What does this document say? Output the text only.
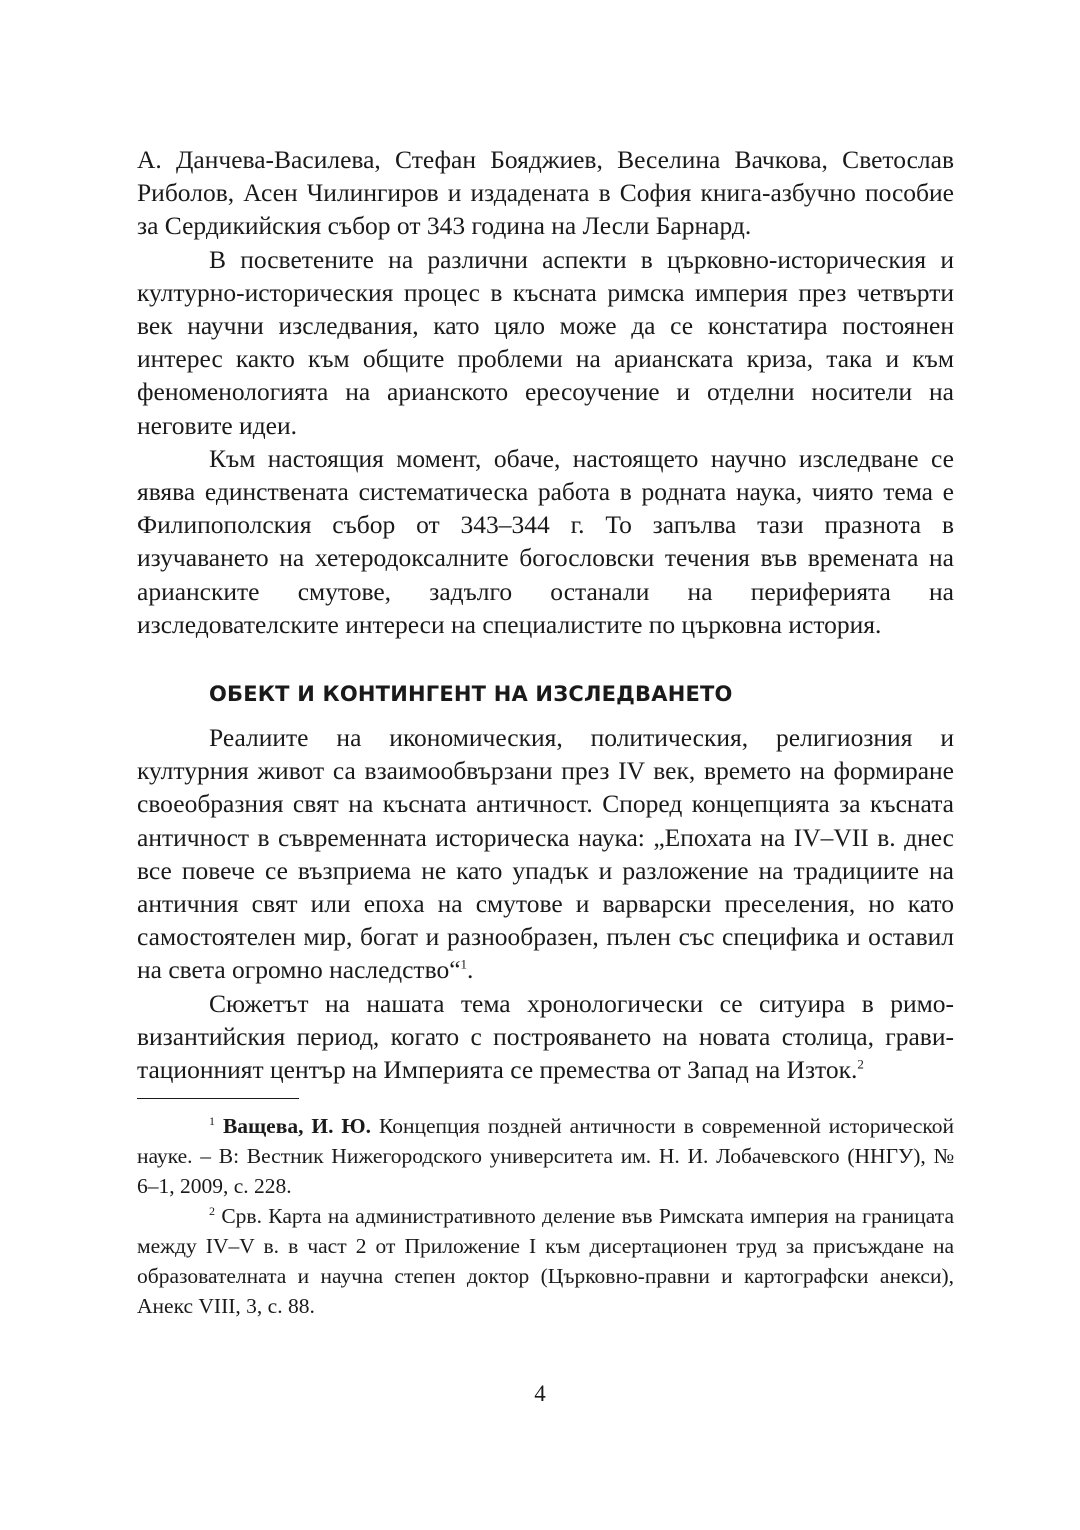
А. Данчева-Василева, Стефан Бояджиев, Веселина Вачкова, Светослав Риболов, Асен Чилингиров и издадената в София книга-азбучно пособие за Сердикийския събор от 343 година на Лесли Барнард.

В посветените на различни аспекти в църковно-историческия и културно-историческия процес в късната римска империя през четвърти век научни изследвания, като цяло може да се констатира постоянен интерес както към общите проблеми на арианската криза, така и към феноменологията на арианското ересоучение и отделни носители на неговите идеи.

Към настоящия момент, обаче, настоящето научно изследване се явява единствената систематическа работа в родната наука, чиято тема е Филипополския събор от 343–344 г. То запълва тази празнота в изучаването на хетеродоксалните богословски течения във времената на арианските смутове, задълго останали на периферията на изследователските интереси на специалистите по църковна история.

ОБЕКТ И КОНТИНГЕНТ НА ИЗСЛЕДВАНЕТО

Реалиите на икономическия, политическия, религиозния и културния живот са взаимообвързани през IV век, времето на формиране своеобразния свят на късната античност. Според концепцията за късната античност в съвременната историческа наука: „Епохата на IV–VII в. днес все повече се възприема не като упадък и разложение на традициите на античния свят или епоха на смутове и варварски преселения, но като самостоятелен мир, богат и разнообразен, пълен със специфика и оставил на света огромно наследство“$^1$.

Сюжетът на нашата тема хронологически се ситуира в римовизантийския период, когато с построяването на новата столица, гравитационният център на Империята се премества от Запад на Изток.$^2$

$^1$ Ващева, И. Ю. Концепция поздней античности в современной исторической науке. – В: Вестник Нижегородского университета им. Н. И. Лобачевского (ННГУ), № 6–1, 2009, с. 228.

$^2$ Срв. Карта на административното деление във Римската империя на границата между IV–V в. в част 2 от Приложение I към дисертационен труд за присъждане на образователната и научна степен доктор (Църковно-правни и картографски анекси), Анекс VIII, 3, с. 88.

4
